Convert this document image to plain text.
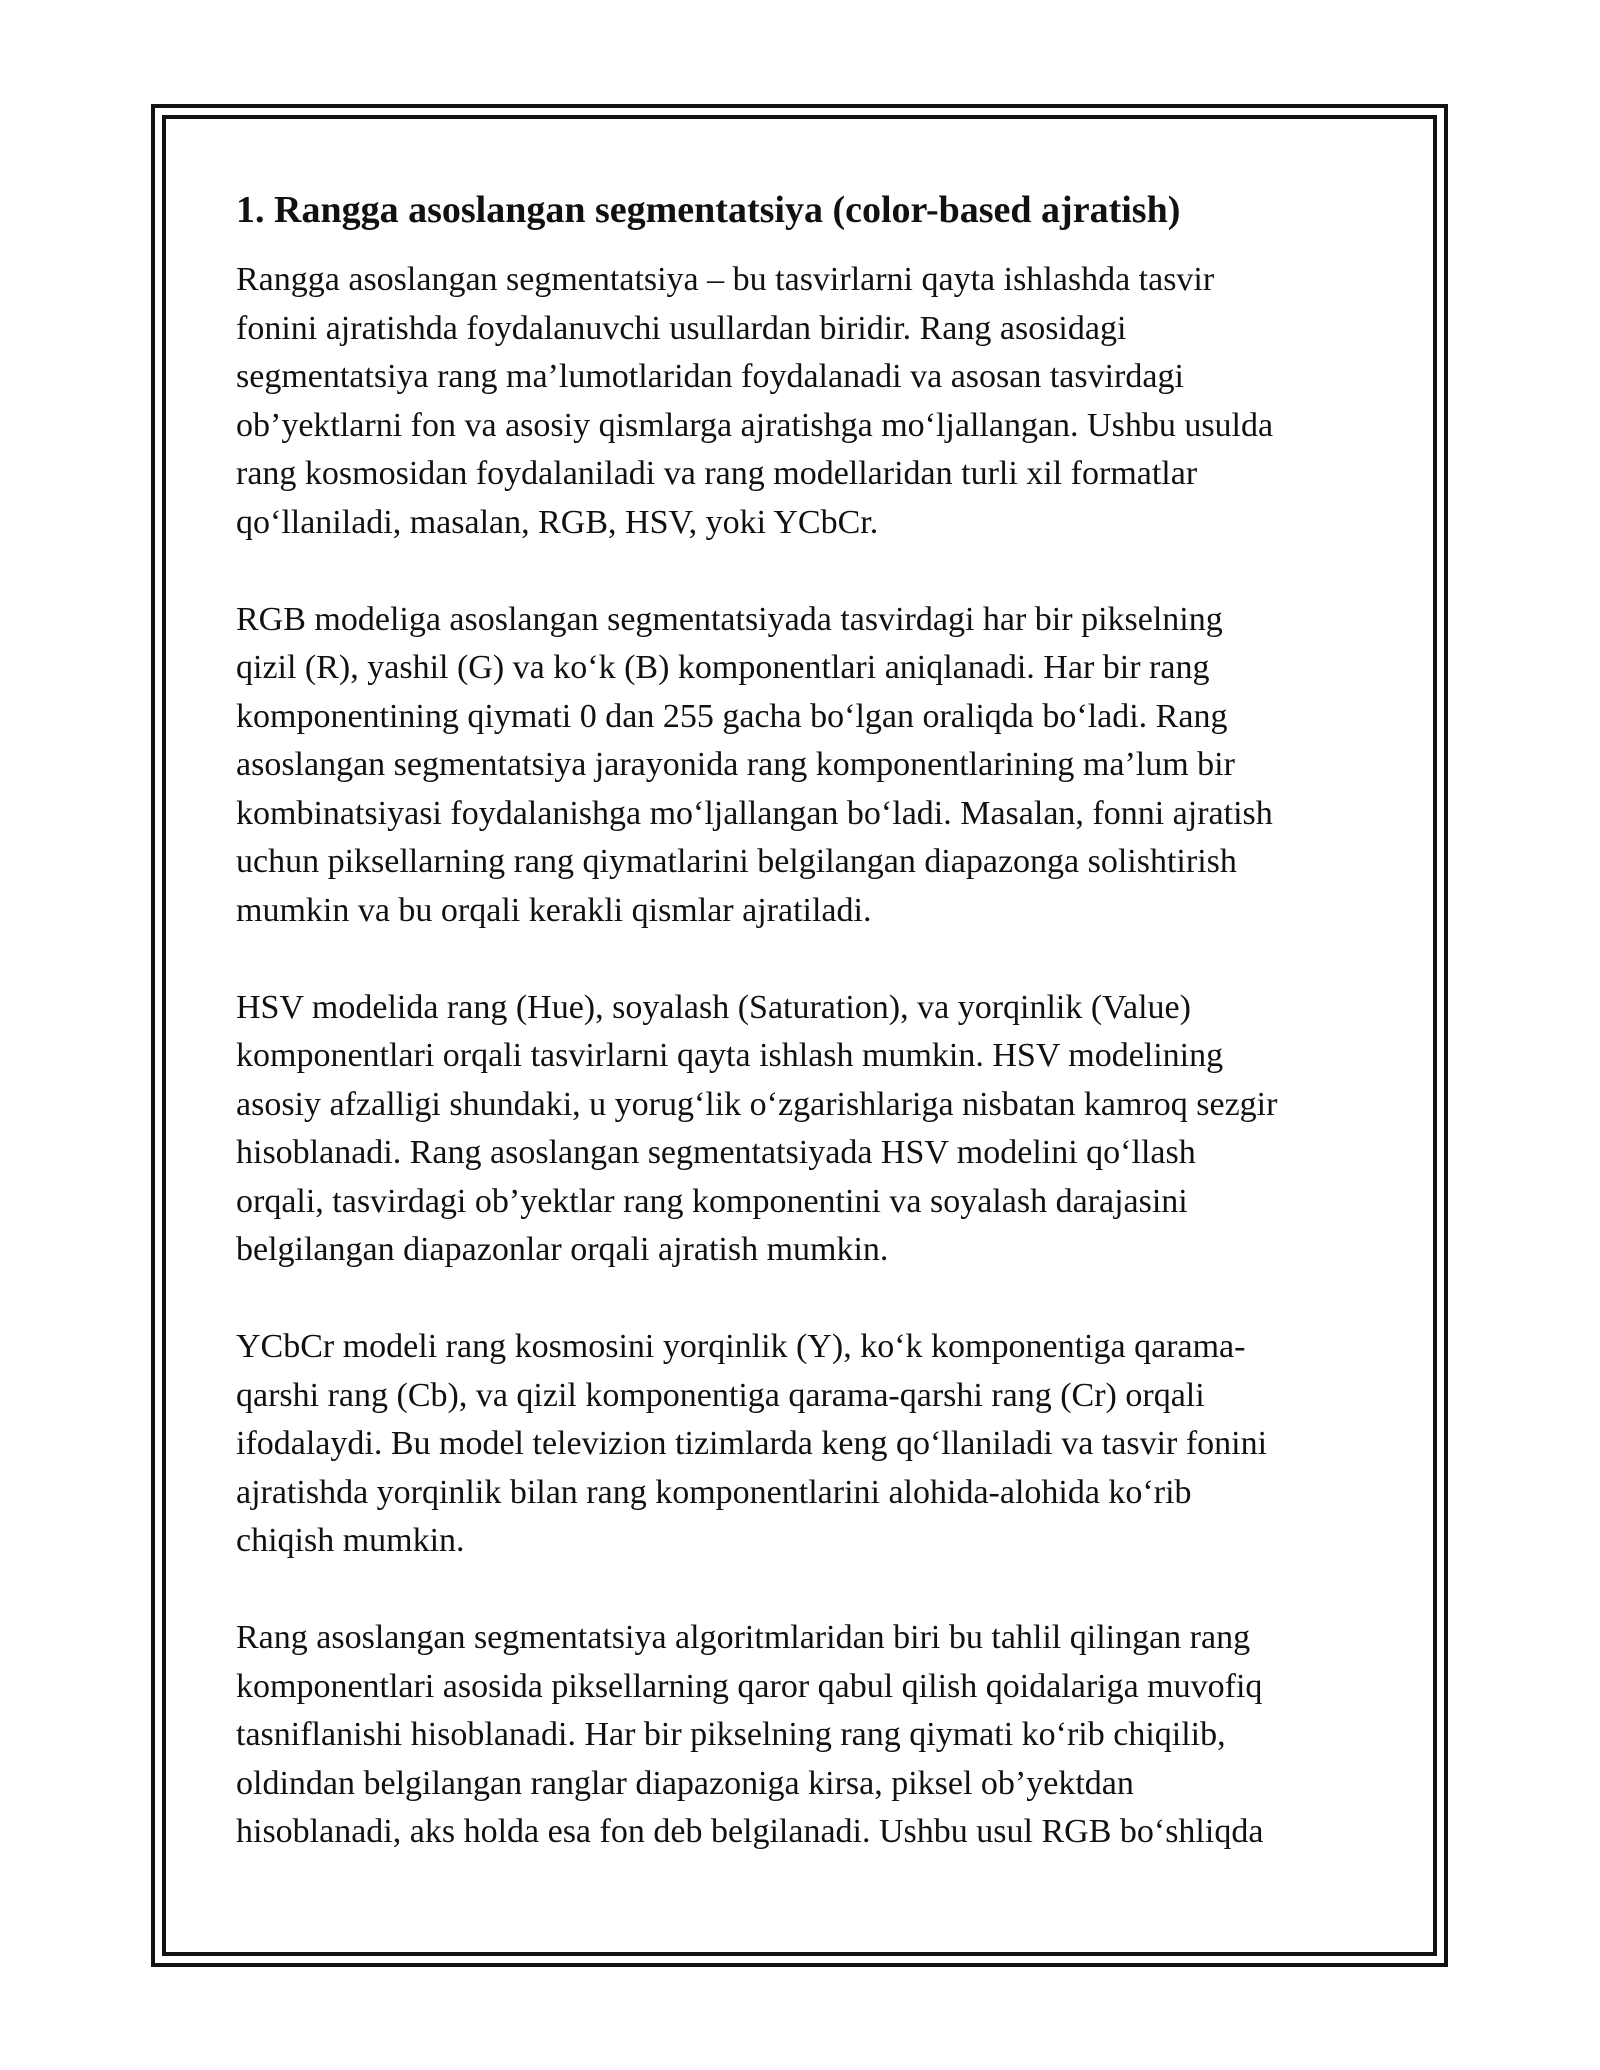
1. Rangga asoslangan segmentatsiya (color-based ajratish)

Rangga asoslangan segmentatsiya – bu tasvirlarni qayta ishlashda tasvir
fonini ajratishda foydalanuvchi usullardan biridir. Rang asosidagi
segmentatsiya rang ma’lumotlaridan foydalanadi va asosan tasvirdagi
ob’yektlarni fon va asosiy qismlarga ajratishga mo‘ljallangan. Ushbu usulda
rang kosmosidan foydalaniladi va rang modellaridan turli xil formatlar
qo‘llaniladi, masalan, RGB, HSV, yoki YCbCr.

RGB modeliga asoslangan segmentatsiyada tasvirdagi har bir pikselning
qizil (R), yashil (G) va ko‘k (B) komponentlari aniqlanadi. Har bir rang
komponentining qiymati 0 dan 255 gacha bo‘lgan oraliqda bo‘ladi. Rang
asoslangan segmentatsiya jarayonida rang komponentlarining ma’lum bir
kombinatsiyasi foydalanishga mo‘ljallangan bo‘ladi. Masalan, fonni ajratish
uchun piksellarning rang qiymatlarini belgilangan diapazonga solishtirish
mumkin va bu orqali kerakli qismlar ajratiladi.

HSV modelida rang (Hue), soyalash (Saturation), va yorqinlik (Value)
komponentlari orqali tasvirlarni qayta ishlash mumkin. HSV modelining
asosiy afzalligi shundaki, u yorug‘lik o‘zgarishlariga nisbatan kamroq sezgir
hisoblanadi. Rang asoslangan segmentatsiyada HSV modelini qo‘llash
orqali, tasvirdagi ob’yektlar rang komponentini va soyalash darajasini
belgilangan diapazonlar orqali ajratish mumkin.

YCbCr modeli rang kosmosini yorqinlik (Y), ko‘k komponentiga qarama-
qarshi rang (Cb), va qizil komponentiga qarama-qarshi rang (Cr) orqali
ifodalaydi. Bu model televizion tizimlarda keng qo‘llaniladi va tasvir fonini
ajratishda yorqinlik bilan rang komponentlarini alohida-alohida ko‘rib
chiqish mumkin.

Rang asoslangan segmentatsiya algoritmlaridan biri bu tahlil qilingan rang
komponentlari asosida piksellarning qaror qabul qilish qoidalariga muvofiq
tasniflanishi hisoblanadi. Har bir pikselning rang qiymati ko‘rib chiqilib,
oldindan belgilangan ranglar diapazoniga kirsa, piksel ob’yektdan
hisoblanadi, aks holda esa fon deb belgilanadi. Ushbu usul RGB bo‘shliqda
